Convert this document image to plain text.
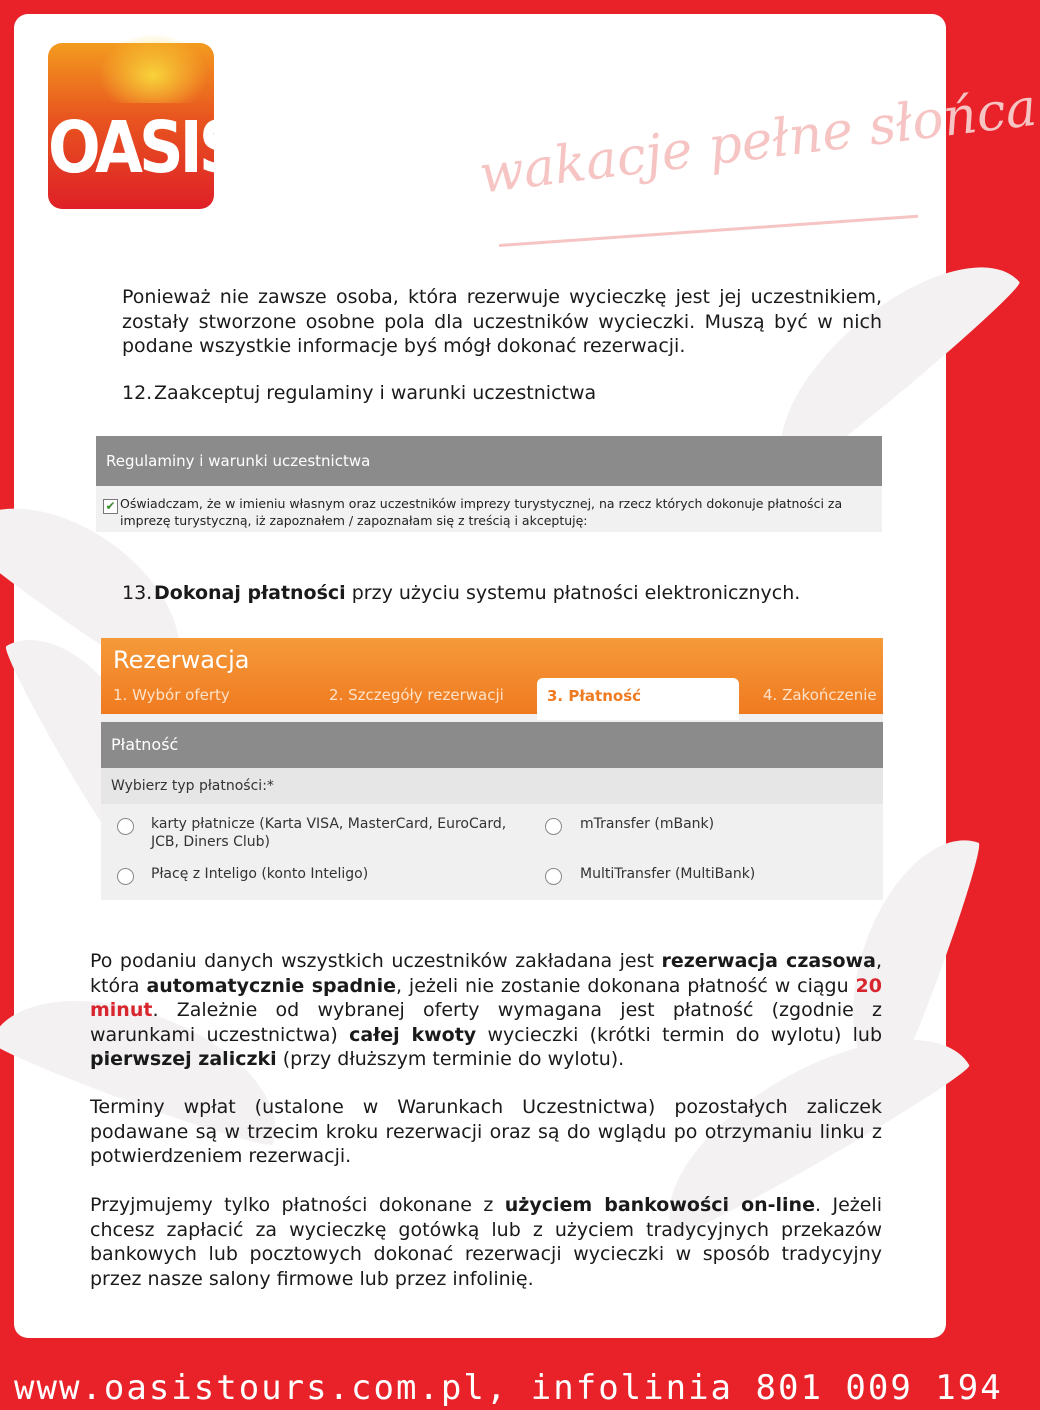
wakacje pełne słońca
OASIS
TOURS

Ponieważ nie zawsze osoba, która rezerwuje wycieczkę jest jej uczestnikiem, zostały stworzone osobne pola dla uczestników wycieczki. Muszą być w nich podane wszystkie informacje byś mógł dokonać rezerwacji.

12.Zaakceptuj regulaminy i warunki uczestnictwa
Regulaminy i warunki uczestnictwa
✔ Oświadczam, że w imieniu własnym oraz uczestników imprezy turystycznej, na rzecz których dokonuje płatności za imprezę turystyczną, iż zapoznałem / zapoznałam się z treścią i akceptuję:
13.Dokonaj płatności przy użyciu systemu płatności elektronicznych.
Rezerwacja
1. Wybór oferty	2. Szczegóły rezerwacji	3. Płatność	4. Zakończenie
Płatność
Wybierz typ płatności:*
karty płatnicze (Karta VISA, MasterCard, EuroCard, JCB, Diners Club)
mTransfer (mBank)
Płacę z Inteligo (konto Inteligo)	MultiTransfer (MultiBank)

Po podaniu danych wszystkich uczestników zakładana jest rezerwacja czasowa, która automatycznie spadnie, jeżeli nie zostanie dokonana płatność w ciągu 20 minut. Zależnie od wybranej oferty wymagana jest płatność (zgodnie z warunkami uczestnictwa) całej kwoty wycieczki (krótki termin do wylotu) lub pierwszej zaliczki (przy dłuższym terminie do wylotu).

Terminy wpłat (ustalone w Warunkach Uczestnictwa) pozostałych zaliczek podawane są w trzecim kroku rezerwacji oraz są do wglądu po otrzymaniu linku z potwierdzeniem rezerwacji.

Przyjmujemy tylko płatności dokonane z użyciem bankowości on-line. Jeżeli chcesz zapłacić za wycieczkę gotówką lub z użyciem tradycyjnych przekazów bankowych lub pocztowych dokonać rezerwacji wycieczki w sposób tradycyjny przez nasze salony firmowe lub przez infolinię.

www.oasistours.com.pl, infolinia 801 009 194
